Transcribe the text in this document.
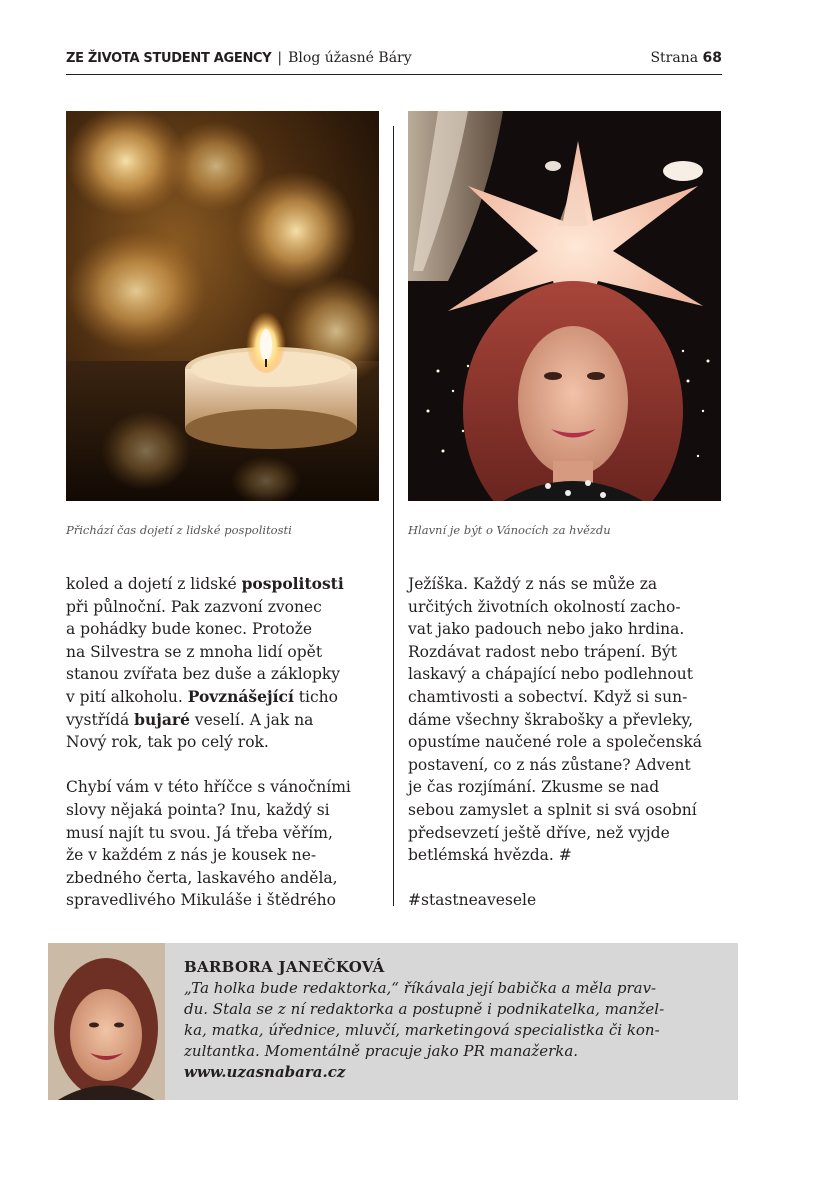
ZE ŽIVOTA STUDENT AGENCY | Blog úžasné Báry	Strana 68
Přichází čas dojetí z lidské pospolitosti	Hlavní je být o Vánocích za hvězdu
koled a dojetí z lidské pospolitosti
při půlnoční. Pak zazvoní zvonec
a pohádky bude konec. Protože
na Silvestra se z mnoha lidí opět
stanou zvířata bez duše a záklopky
v pití alkoholu. Povznášející ticho
vystřídá bujaré veselí. A jak na
Nový rok, tak po celý rok.
Chybí vám v této hříčce s vánočními
slovy nějaká pointa? Inu, každý si
musí najít tu svou. Já třeba věřím,
že v každém z nás je kousek ne-
zbedného čerta, laskavého anděla,
spravedlivého Mikuláše i štědrého
Ježíška. Každý z nás se může za
určitých životních okolností zacho-
vat jako padouch nebo jako hrdina.
Rozdávat radost nebo trápení. Být
laskavý a chápající nebo podlehnout
chamtivosti a sobectví. Když si sun-
dáme všechny škrabošky a převleky,
opustíme naučené role a společenská
postavení, co z nás zůstane? Advent
je čas rozjímání. Zkusme se nad
sebou zamyslet a splnit si svá osobní
předsevzetí ještě dříve, než vyjde
betlémská hvězda. #
#stastneavesele
BARBORA JANEČKOVÁ
„Ta holka bude redaktorka,“ říkávala její babička a měla prav-
du. Stala se z ní redaktorka a postupně i podnikatelka, manžel-
ka, matka, úřednice, mluvčí, marketingová specialistka či kon-
zultantka. Momentálně pracuje jako PR manažerka.
www.uzasnabara.cz
